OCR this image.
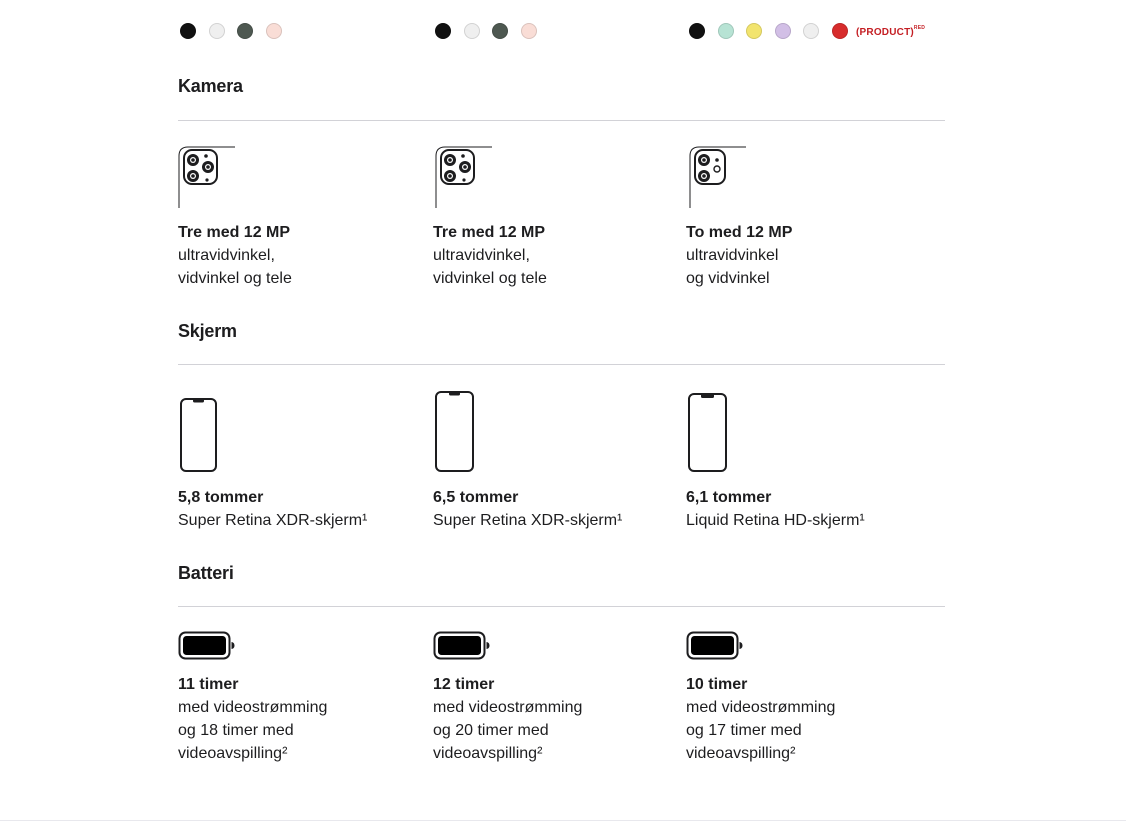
(PRODUCT)$^{RED}$
Kamera
Tre med 12 MP
ultravidvinkel,
vidvinkel og tele
Tre med 12 MP
ultravidvinkel,
vidvinkel og tele
To med 12 MP
ultravidvinkel
og vidvinkel
Skjerm
5,8 tommer
Super Retina XDR-skjerm¹
6,5 tommer
Super Retina XDR-skjerm¹
6,1 tommer
Liquid Retina HD-skjerm¹
Batteri
11 timer
med videostrømming
og 18 timer med
videoavspilling²
12 timer
med videostrømming
og 20 timer med
videoavspilling²
10 timer
med videostrømming
og 17 timer med
videoavspilling²
